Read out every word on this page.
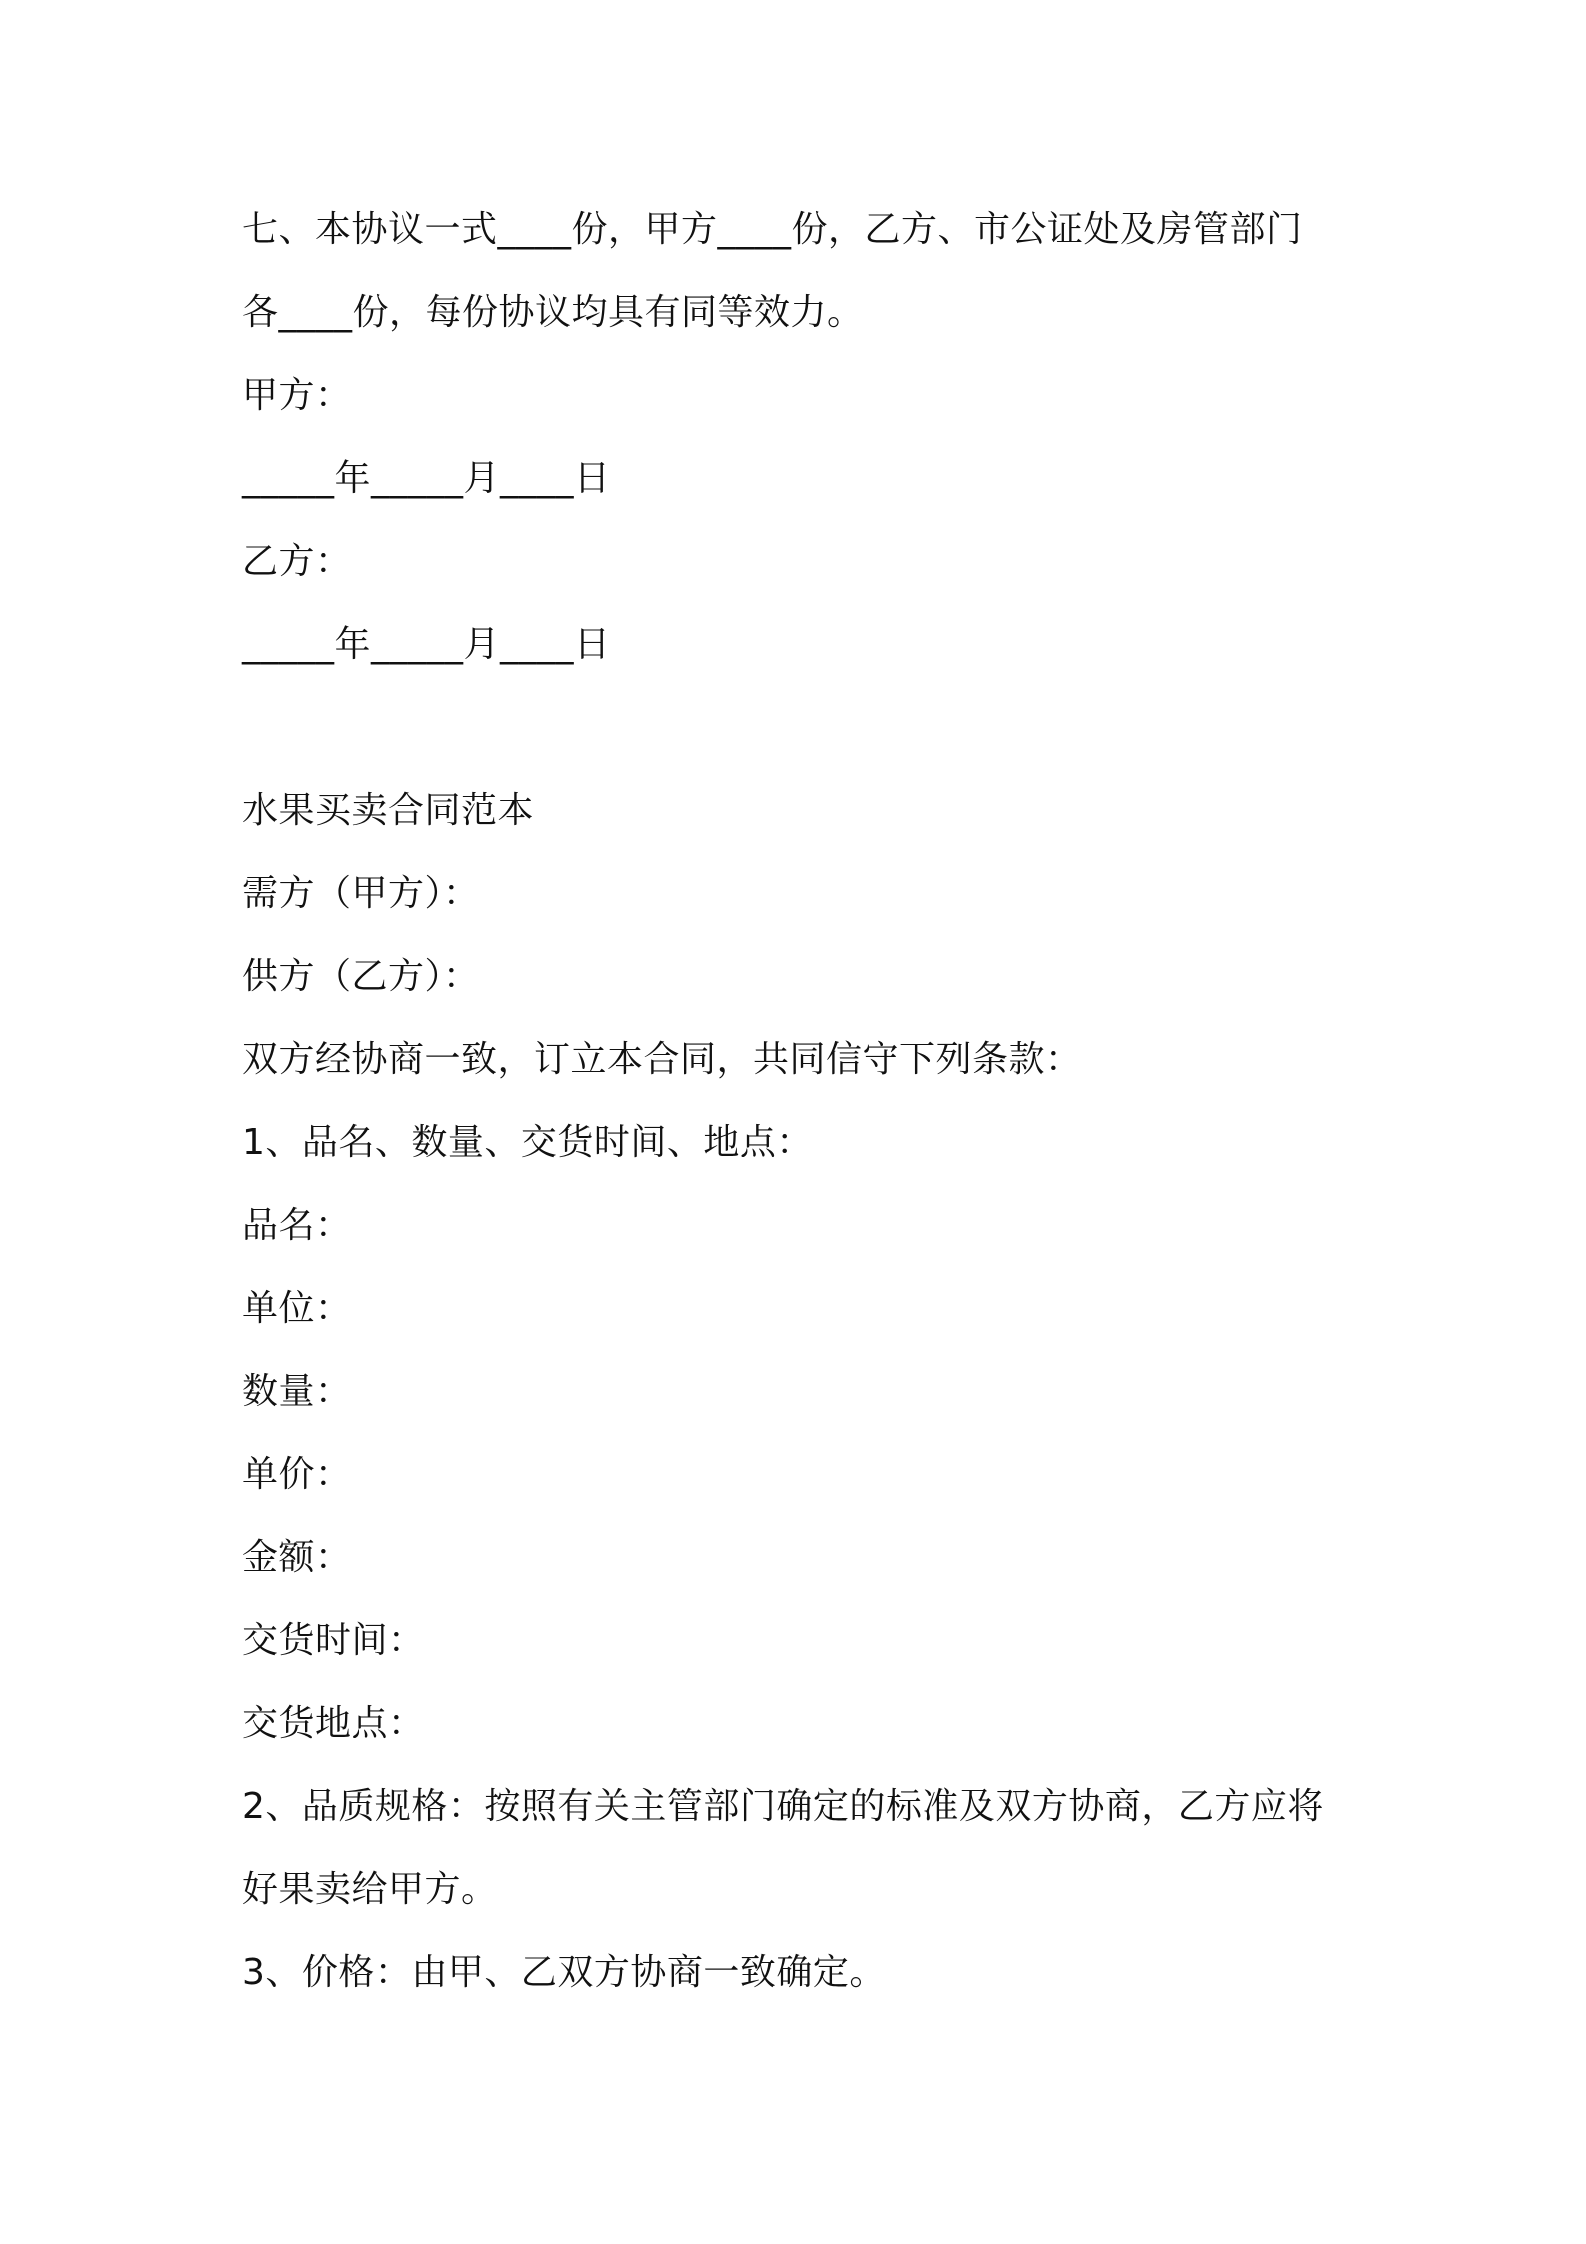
七、本协议一式____份，甲方____份，乙方、市公证处及房管部门
各____份，每份协议均具有同等效力。
甲方：
_____年_____月____日
乙方：
_____年_____月____日
水果买卖合同范本
需方（甲方）：
供方（乙方）：
双方经协商一致，订立本合同，共同信守下列条款：
1、品名、数量、交货时间、地点：
品名：
单位：
数量：
单价：
金额：
交货时间：
交货地点：
2、品质规格：按照有关主管部门确定的标准及双方协商，乙方应将
好果卖给甲方。
3、价格：由甲、乙双方协商一致确定。
